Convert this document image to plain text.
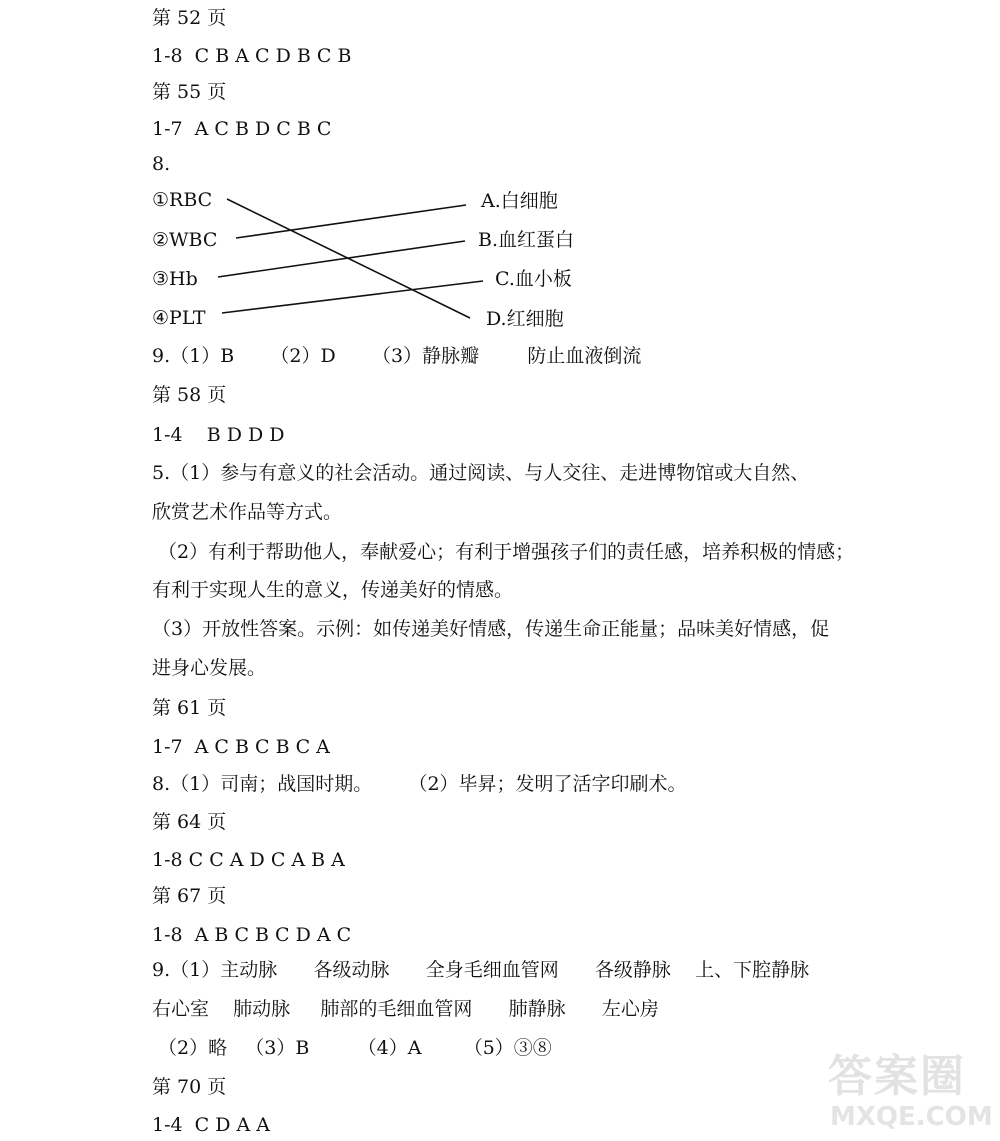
第 52 页
1-8  C B A C D B C B
第 55 页
1-7  A C B D C B C
8.
①RBC
②WBC
③Hb
④PLT
A.白细胞
B.血红蛋白
C.血小板
D.红细胞
9.（1）B      （2）D      （3）静脉瓣        防止血液倒流
第 58 页
1-4    B D D D
5.（1）参与有意义的社会活动。通过阅读、与人交往、走进博物馆或大自然、
欣赏艺术作品等方式。
（2）有利于帮助他人，奉献爱心；有利于增强孩子们的责任感，培养积极的情感；
有利于实现人生的意义，传递美好的情感。
（3）开放性答案。示例：如传递美好情感，传递生命正能量；品味美好情感，促
进身心发展。
第 61 页
1-7  A C B C B C A
8.（1）司南；战国时期。      （2）毕昇；发明了活字印刷术。
第 64 页
1-8 C C A D C A B A
第 67 页
1-8  A B C B C D A C
9.（1）主动脉      各级动脉      全身毛细血管网      各级静脉    上、下腔静脉
右心室    肺动脉     肺部的毛细血管网      肺静脉      左心房
（2）略   （3）B        （4）A       （5）③⑧
第 70 页
1-4  C D A A
答案圈
MXQE.COM
